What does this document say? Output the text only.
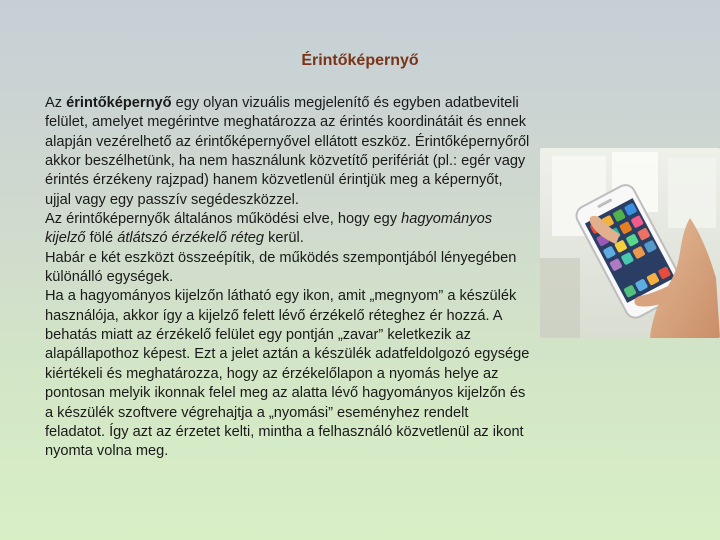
Érintőképernyő

Az érintőképernyő egy olyan vizuális megjelenítő és egyben adatbeviteli felület, amelyet megérintve meghatározza az érintés koordinátáit és ennek alapján vezérelhető az érintőképernyővel ellátott eszköz. Érintőképernyőről akkor beszélhetünk, ha nem használunk közvetítő perifériát (pl.: egér vagy érintés érzékeny rajzpad) hanem közvetlenül érintjük meg a képernyőt, ujjal vagy egy passzív segédeszközzel.

Az érintőképernyők általános működési elve, hogy egy hagyományos kijelző fölé átlátszó érzékelő réteg kerül.

Habár e két eszközt összeépítik, de működés szempontjából lényegében különálló egységek.

Ha a hagyományos kijelzőn látható egy ikon, amit „megnyom” a készülék használója, akkor így a kijelző felett lévő érzékelő réteghez ér hozzá. A behatás miatt az érzékelő felület egy pontján „zavar” keletkezik az alapállapothoz képest. Ezt a jelet aztán a készülék adatfeldolgozó egysége kiértékeli és meghatározza, hogy az érzékelőlapon a nyomás helye az pontosan melyik ikonnak felel meg az alatta lévő hagyományos kijelzőn és a készülék szoftvere végrehajtja a „nyomási” eseményhez rendelt feladatot. Így azt az érzetet kelti, mintha a felhasználó közvetlenül az ikont nyomta volna meg.
